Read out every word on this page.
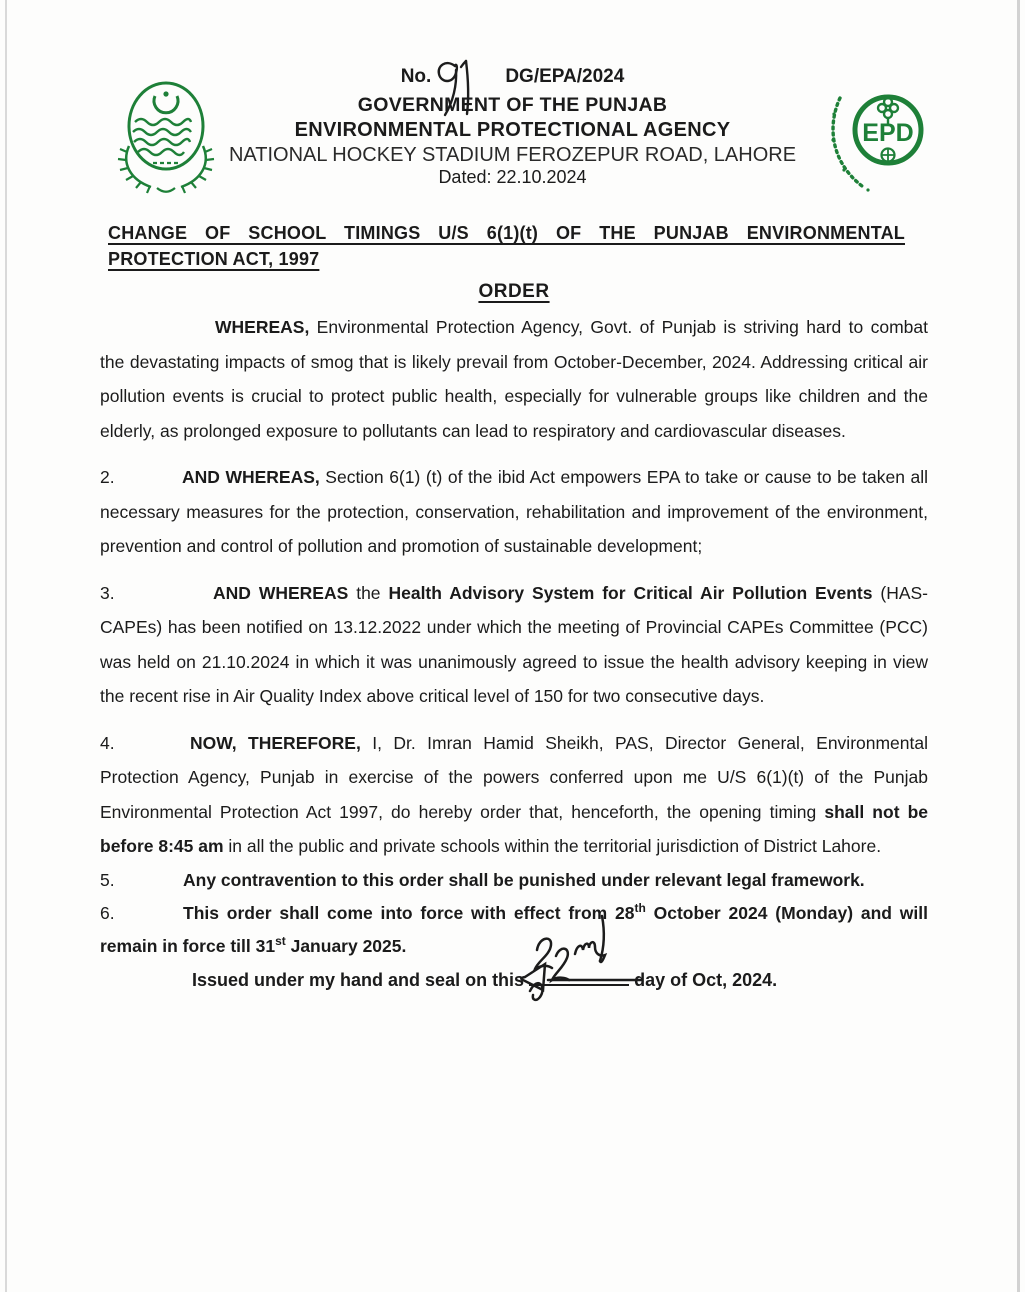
EPD
No.	DG/EPA/2024
GOVERNMENT OF THE PUNJAB
ENVIRONMENTAL PROTECTIONAL AGENCY
NATIONAL HOCKEY STADIUM FEROZEPUR ROAD, LAHORE
Dated: 22.10.2024
CHANGE OF SCHOOL TIMINGS U/S 6(1)(t) OF THE PUNJAB ENVIRONMENTAL
PROTECTION ACT, 1997
ORDER
WHEREAS, Environmental Protection Agency, Govt. of Punjab is striving hard to combat the devastating impacts of smog that is likely prevail from October-December, 2024. Addressing critical air pollution events is crucial to protect public health, especially for vulnerable groups like children and the elderly, as prolonged exposure to pollutants can lead to respiratory and cardiovascular diseases.
2.	AND WHEREAS, Section 6(1) (t) of the ibid Act empowers EPA to take or cause to be taken all necessary measures for the protection, conservation, rehabilitation and improvement of the environment, prevention and control of pollution and promotion of sustainable development;
3.	AND WHEREAS the Health Advisory System for Critical Air Pollution Events (HAS-CAPEs) has been notified on 13.12.2022 under which the meeting of Provincial CAPEs Committee (PCC) was held on 21.10.2024 in which it was unanimously agreed to issue the health advisory keeping in view the recent rise in Air Quality Index above critical level of 150 for two consecutive days.
4.	NOW, THEREFORE, I, Dr. Imran Hamid Sheikh, PAS, Director General, Environmental Protection Agency, Punjab in exercise of the powers conferred upon me U/S 6(1)(t) of the Punjab Environmental Protection Act 1997, do hereby order that, henceforth, the opening timing shall not be before 8:45 am in all the public and private schools within the territorial jurisdiction of District Lahore.
5.	Any contravention to this order shall be punished under relevant legal framework.
6.	This order shall come into force with effect from 28th October 2024 (Monday) and will remain in force till 31st January 2025.
Issued under my hand and seal on this	day of Oct, 2024.
